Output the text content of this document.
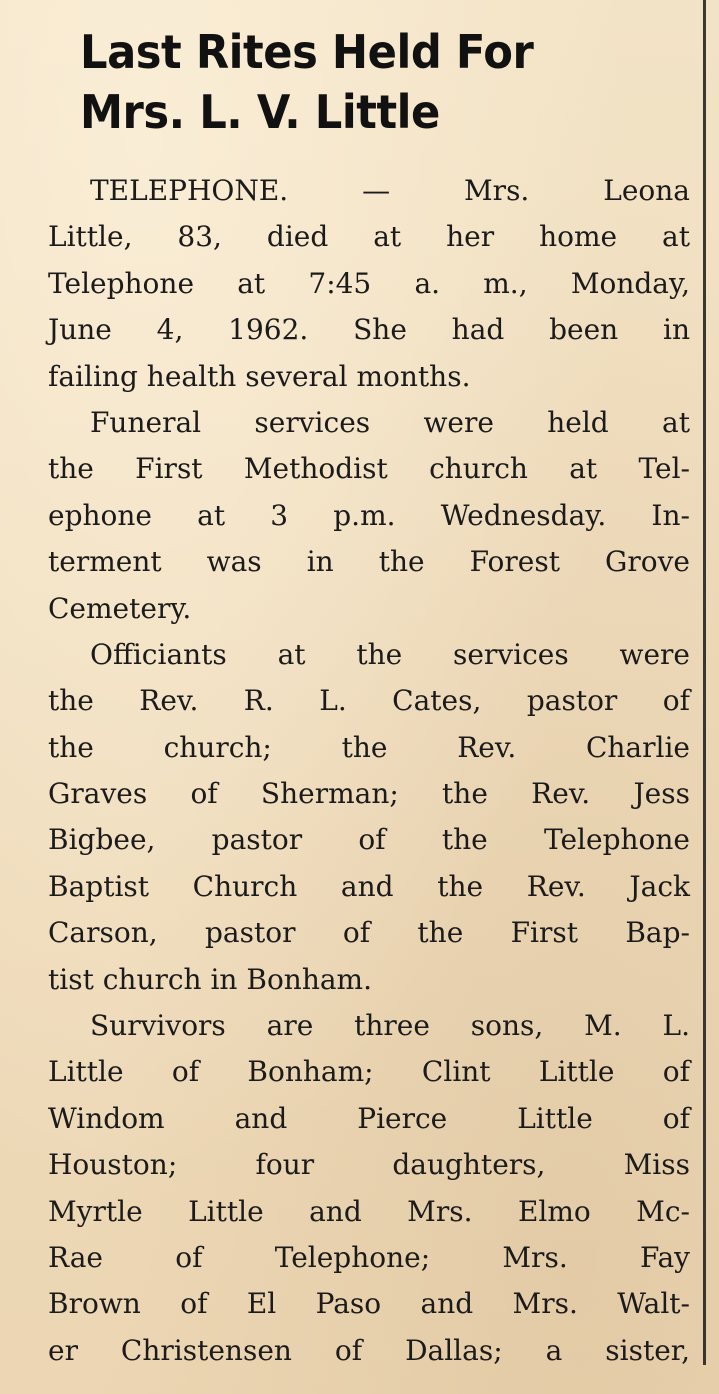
Last Rites Held For
Mrs. L. V. Little

TELEPHONE. — Mrs. Leona
Little, 83, died at her home at
Telephone at 7:45 a. m., Monday,
June 4, 1962. She had been in
failing health several months.

Funeral services were held at
the First Methodist church at Tel-
ephone at 3 p.m. Wednesday. In-
terment was in the Forest Grove
Cemetery.

Officiants at the services were
the Rev. R. L. Cates, pastor of
the church; the Rev. Charlie
Graves of Sherman; the Rev. Jess
Bigbee, pastor of the Telephone
Baptist Church and the Rev. Jack
Carson, pastor of the First Bap-
tist church in Bonham.

Survivors are three sons, M. L.
Little of Bonham; Clint Little of
Windom and Pierce Little of
Houston; four daughters, Miss
Myrtle Little and Mrs. Elmo Mc-
Rae of Telephone; Mrs. Fay
Brown of El Paso and Mrs. Walt-
er Christensen of Dallas; a sister,
